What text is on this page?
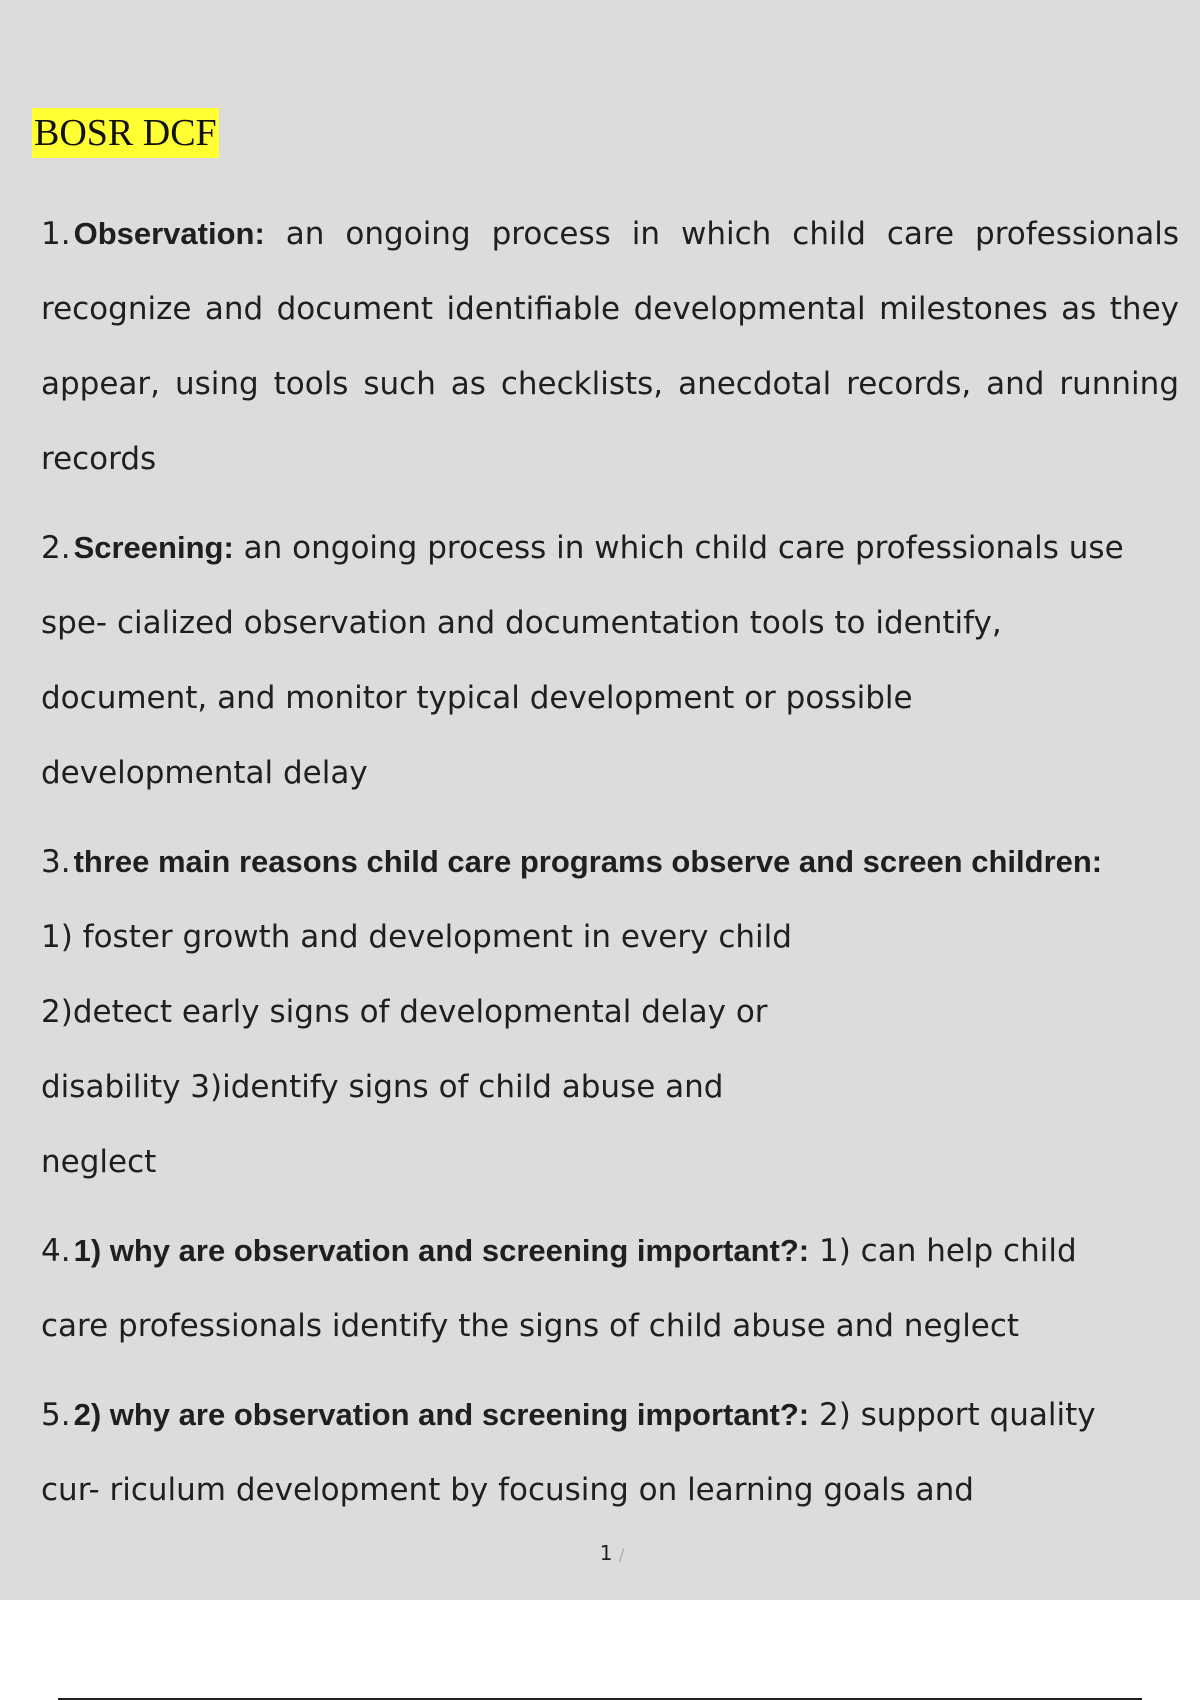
BOSR DCF
1.Observation: an ongoing process in which child care professionals recognize and document identifiable developmental milestones as they appear, using tools such as checklists, anecdotal records, and running records
2.Screening: an ongoing process in which child care professionals use
spe- cialized observation and documentation tools to identify,
document, and monitor typical development or possible
developmental delay
3.three main reasons child care programs observe and screen children:
1) foster growth and development in every child
2)detect early signs of developmental delay or
disability 3)identify signs of child abuse and
neglect
4.1) why are observation and screening important?: 1) can help child
care professionals identify the signs of child abuse and neglect
5.2) why are observation and screening important?: 2) support quality
cur- riculum development by focusing on learning goals and
1 /
